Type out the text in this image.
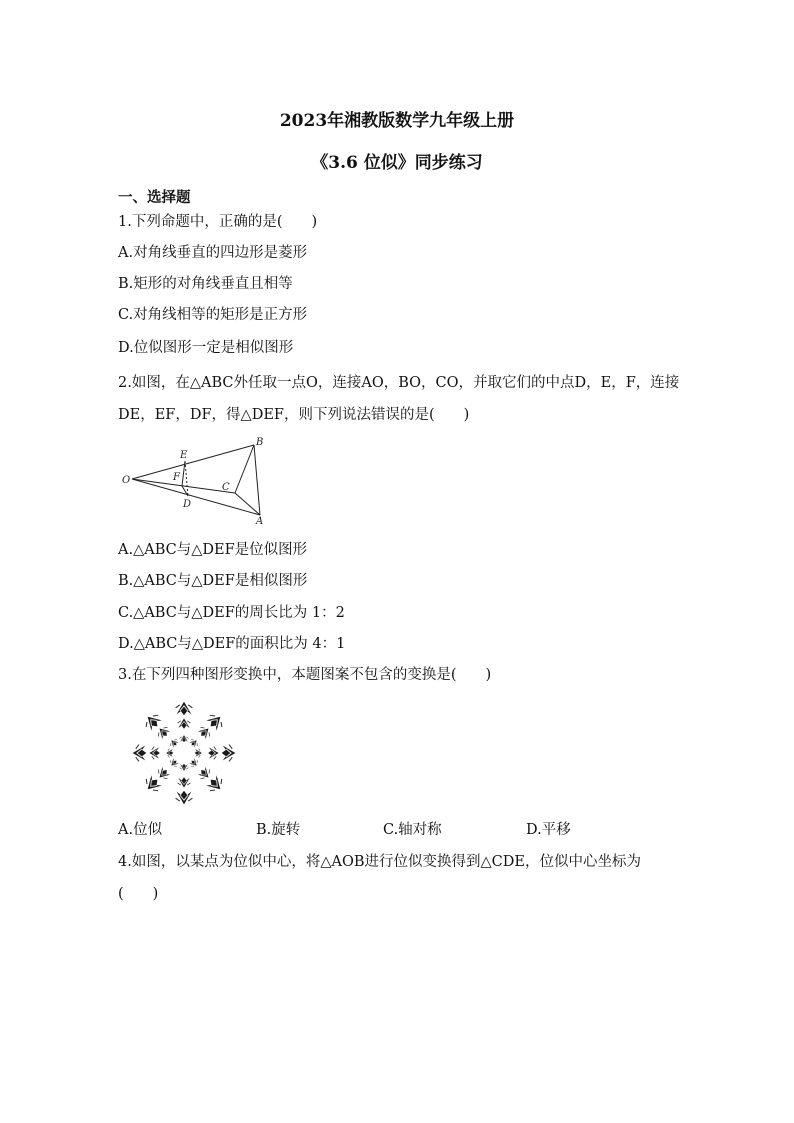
2023年湘教版数学九年级上册
《3.6 位似》同步练习
一、选择题
1.下列命题中，正确的是(　　)
A.对角线垂直的四边形是菱形
B.矩形的对角线垂直且相等
C.对角线相等的矩形是正方形
D.位似图形一定是相似图形
2.如图，在△ABC外任取一点O，连接AO，BO，CO，并取它们的中点D，E，F，连接
DE，EF，DF，得△DEF，则下列说法错误的是(　　)
O
E
F
D
C
B
A
A.△ABC与△DEF是位似图形
B.△ABC与△DEF是相似图形
C.△ABC与△DEF的周长比为 1：2
D.△ABC与△DEF的面积比为 4：1
3.在下列四种图形变换中，本题图案不包含的变换是(　　)
A.位似	B.旋转	C.轴对称	D.平移
4.如图，以某点为位似中心，将△AOB进行位似变换得到△CDE，位似中心坐标为
(　　)
